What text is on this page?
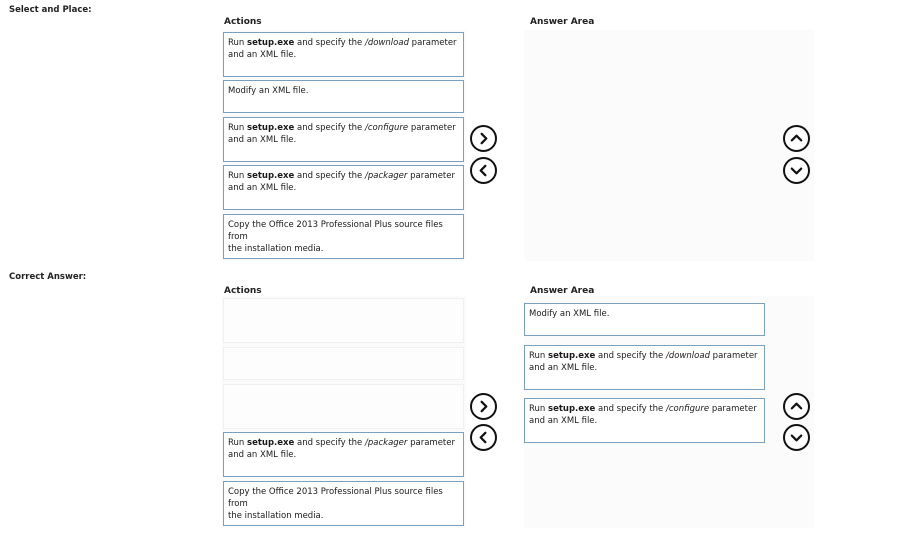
Select and Place:
Actions	Answer Area
Run setup.exe and specify the /download parameter
and an XML file.
Modify an XML file.
Run setup.exe and specify the /configure parameter
and an XML file.
Run setup.exe and specify the /packager parameter
and an XML file.
Copy the Office 2013 Professional Plus source files from
the installation media.
Correct Answer:
Actions	Answer Area
Run setup.exe and specify the /packager parameter
and an XML file.
Copy the Office 2013 Professional Plus source files from
the installation media.
Modify an XML file.
Run setup.exe and specify the /download parameter
and an XML file.
Run setup.exe and specify the /configure parameter
and an XML file.
